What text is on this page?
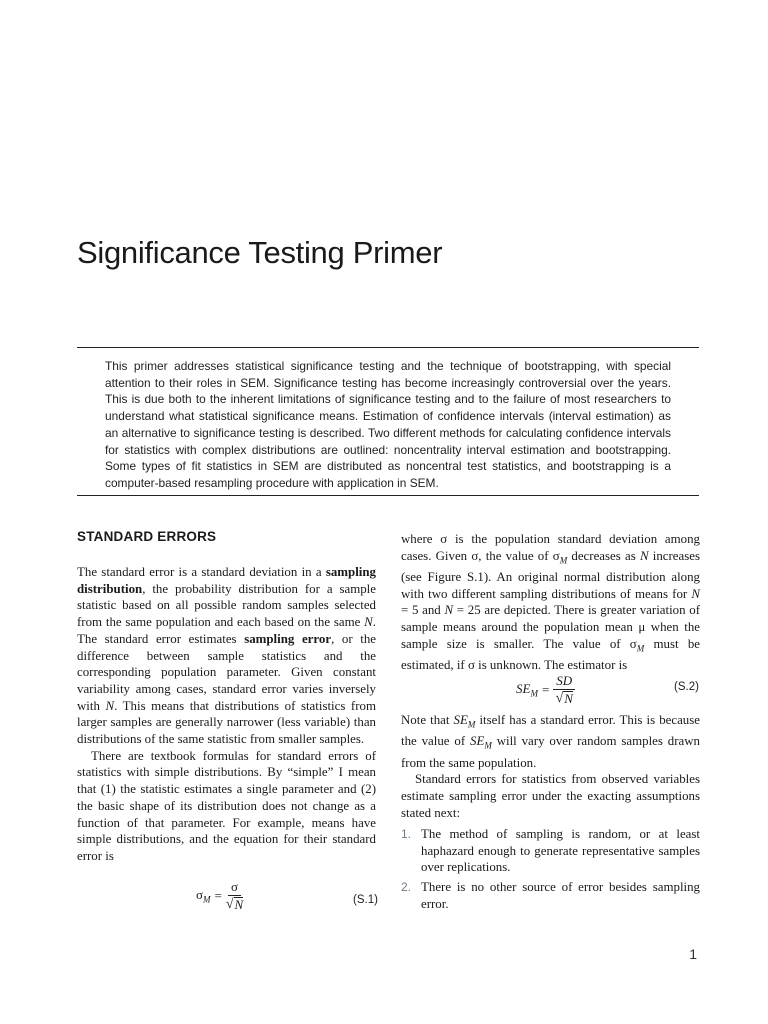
Significance Testing Primer
This primer addresses statistical significance testing and the technique of bootstrapping, with special attention to their roles in SEM. Significance testing has become increasingly controversial over the years. This is due both to the inherent limitations of significance testing and to the failure of most researchers to understand what statistical significance means. Estimation of confidence intervals (interval estimation) as an alternative to significance testing is described. Two different methods for calculating confidence intervals for statistics with complex distributions are outlined: noncentrality interval estimation and bootstrapping. Some types of fit statistics in SEM are distributed as noncentral test statistics, and bootstrapping is a computer-based resampling procedure with application in SEM.
STANDARD ERRORS

The standard error is a standard deviation in a sampling distribution, the probability distribution for a sample statistic based on all possible random samples selected from the same population and each based on the same N. The standard error estimates sampling error, or the difference between sample statistics and the corresponding population parameter. Given constant variability among cases, standard error varies inversely with N. This means that distributions of statistics from larger samples are generally narrower (less variable) than distributions of the same statistic from smaller samples.

There are textbook formulas for standard errors of statistics with simple distributions. By “simple” I mean that (1) the statistic estimates a single parameter and (2) the basic shape of its distribution does not change as a function of that parameter. For example, means have simple distributions, and the equation for their standard error is

$\sigma_M = \frac{\sigma}{√ N}$	(S.1)

where σ is the population standard deviation among cases. Given σ, the value of $\sigma_M$ decreases as N increases (see Figure S.1). An original normal distribution along with two different sampling distributions of means for N = 5 and N = 25 are depicted. There is greater variation of sample means around the population mean μ when the sample size is smaller. The value of $\sigma_M$ must be estimated, if σ is unknown. The estimator is

$SE_M = \frac{SD}{√ N}$	(S.2)

Note that $SE_M$ itself has a standard error. This is because the value of $SE_M$ will vary over random samples drawn from the same population.

Standard errors for statistics from observed variables estimate sampling error under the exacting assumptions stated next:

1. The method of sampling is random, or at least haphazard enough to generate representative samples over replications.
2. There is no other source of error besides sampling error.
1
